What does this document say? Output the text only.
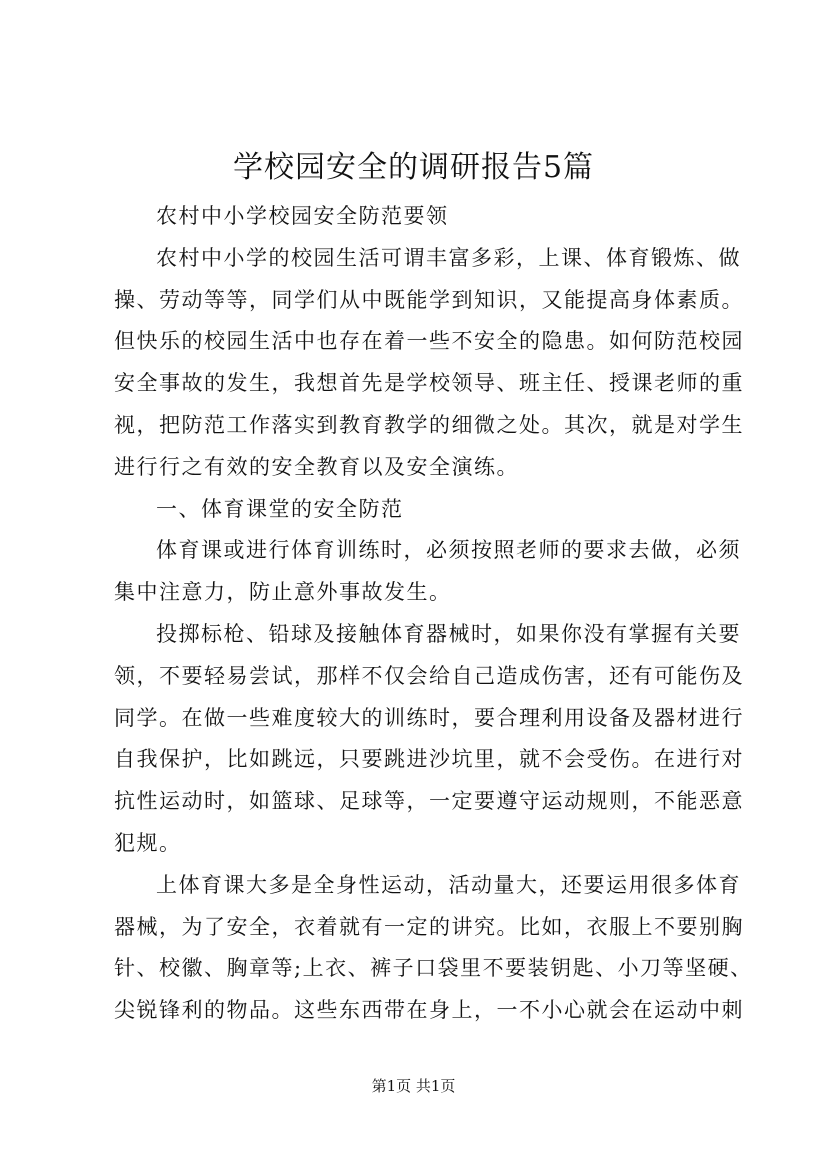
学校园安全的调研报告5篇
农村中小学校园安全防范要领
农村中小学的校园生活可谓丰富多彩，上课、体育锻炼、做
操、劳动等等，同学们从中既能学到知识，又能提高身体素质。
但快乐的校园生活中也存在着一些不安全的隐患。如何防范校园
安全事故的发生，我想首先是学校领导、班主任、授课老师的重
视，把防范工作落实到教育教学的细微之处。其次，就是对学生
进行行之有效的安全教育以及安全演练。
一、体育课堂的安全防范
体育课或进行体育训练时，必须按照老师的要求去做，必须
集中注意力，防止意外事故发生。
投掷标枪、铅球及接触体育器械时，如果你没有掌握有关要
领，不要轻易尝试，那样不仅会给自己造成伤害，还有可能伤及
同学。在做一些难度较大的训练时，要合理利用设备及器材进行
自我保护，比如跳远，只要跳进沙坑里，就不会受伤。在进行对
抗性运动时，如篮球、足球等，一定要遵守运动规则，不能恶意
犯规。
上体育课大多是全身性运动，活动量大，还要运用很多体育
器械，为了安全，衣着就有一定的讲究。比如，衣服上不要别胸
针、校徽、胸章等;上衣、裤子口袋里不要装钥匙、小刀等坚硬、
尖锐锋利的物品。这些东西带在身上，一不小心就会在运动中刺
第1页 共1页
